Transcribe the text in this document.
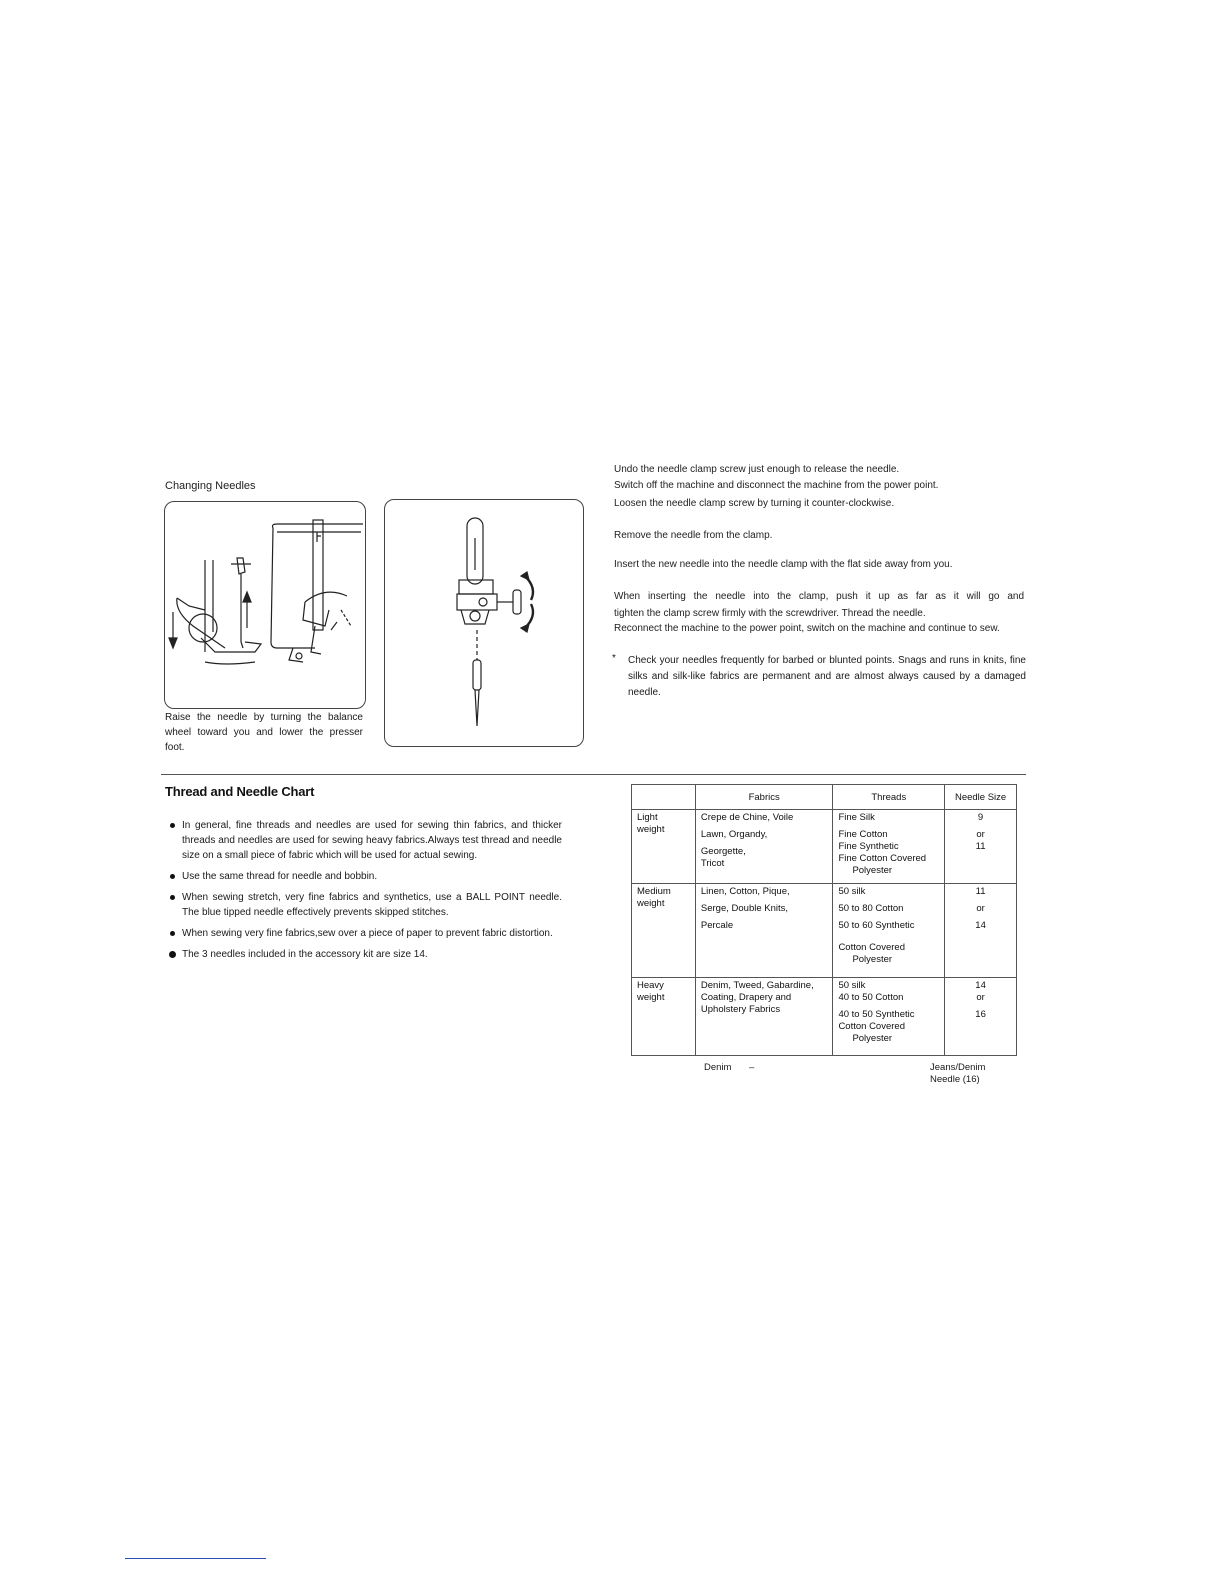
Changing Needles
Raise the needle by turning the balance wheel toward you and lower the presser foot.
Undo the needle clamp screw just enough to release the needle.
Switch off the machine and disconnect the machine from the power point.
Loosen the needle clamp screw by turning it counter-clockwise.
Remove the needle from the clamp.
Insert the new needle into the needle clamp with the flat side away from you.
When inserting the needle into the clamp, push it up as far as it will go and
tighten the clamp screw firmly with the screwdriver. Thread the needle.
Reconnect the machine to the power point, switch on the machine and continue to sew.
* Check your needles frequently for barbed or blunted points. Snags and runs in knits, fine silks and silk-like fabrics are permanent and are almost always caused by a damaged needle.
Thread and Needle Chart
In general, fine threads and needles are used for sewing thin fabrics, and thicker threads and needles are used for sewing heavy fabrics.Always test thread and needle size on a small piece of fabric which will be used for actual sewing.
Use the same thread for needle and bobbin.
When sewing stretch, very fine fabrics and synthetics, use a BALL POINT needle. The blue tipped needle effectively prevents skipped stitches.
When sewing very fine fabrics,sew over a piece of paper to prevent fabric distortion.
The 3 needles included in the accessory kit are size 14.
	Fabrics	Threads	Needle Size

Light
weight	Crepe de Chine, Voile
Lawn, Organdy,
Georgette,
Tricot	Fine Silk
Fine Cotton
Fine Synthetic
Fine Cotton Covered
Polyester	9
or
11

Medium
weight	Linen, Cotton, Pique,
Serge, Double Knits,
Percale	50 silk
50 to 80 Cotton
50 to 60 Synthetic
Cotton Covered
Polyester	11
or
14

Heavy
weight	Denim, Tweed, Gabardine,
Coating, Drapery and
Upholstery Fabrics	50 silk
40 to 50 Cotton
40 to 50 Synthetic
Cotton Covered
Polyester	14
or
16
Denim –	Jeans/Denim
Needle (16)
